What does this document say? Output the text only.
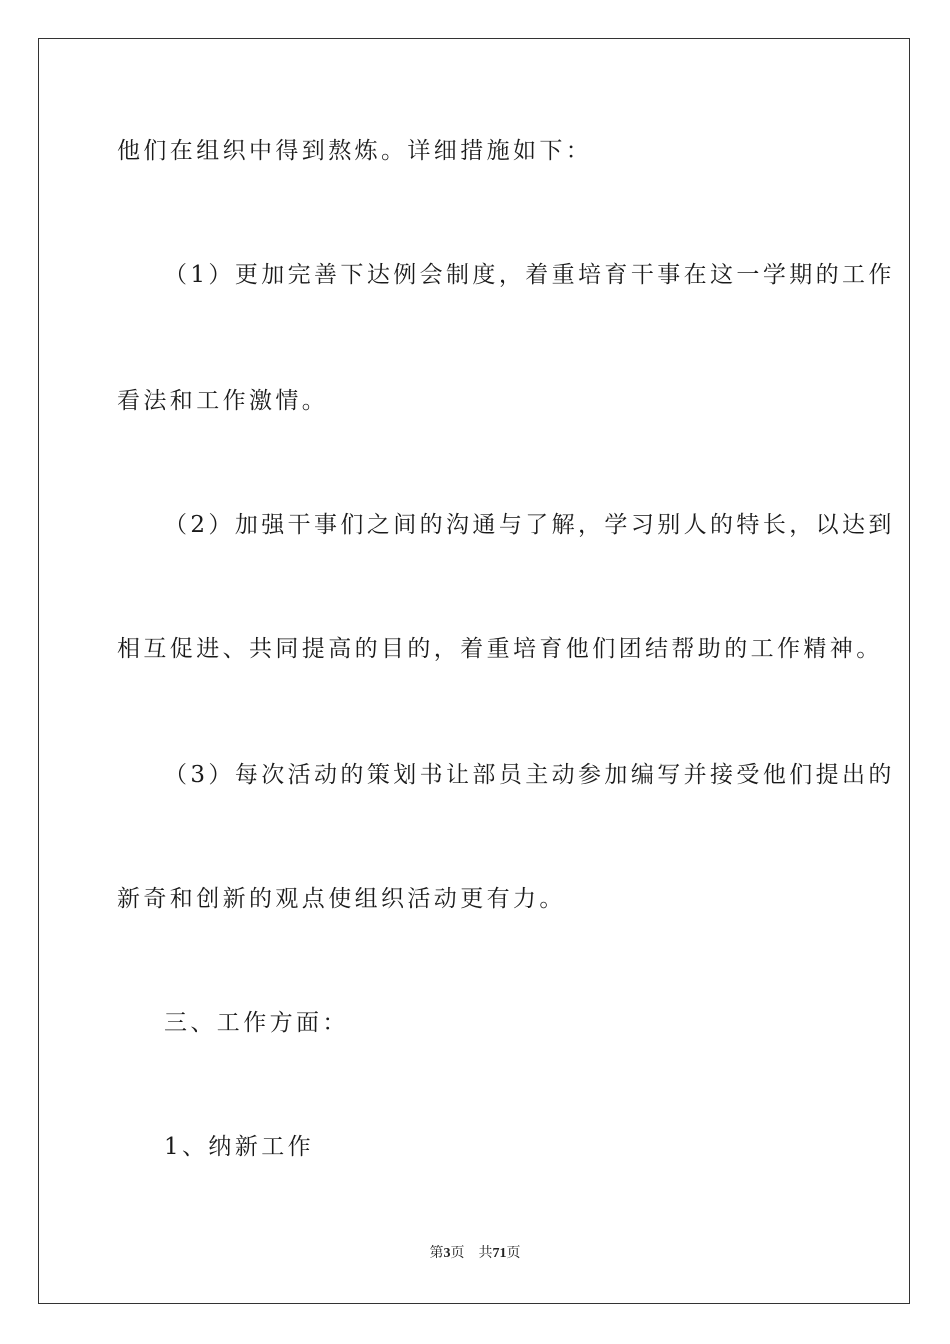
他们在组织中得到熬炼。详细措施如下：
（1）更加完善下达例会制度，着重培育干事在这一学期的工作
看法和工作激情。
（2）加强干事们之间的沟通与了解，学习别人的特长，以达到
相互促进、共同提高的目的，着重培育他们团结帮助的工作精神。
（3）每次活动的策划书让部员主动参加编写并接受他们提出的
新奇和创新的观点使组织活动更有力。
三、工作方面：
1、纳新工作
第3页 共71页
